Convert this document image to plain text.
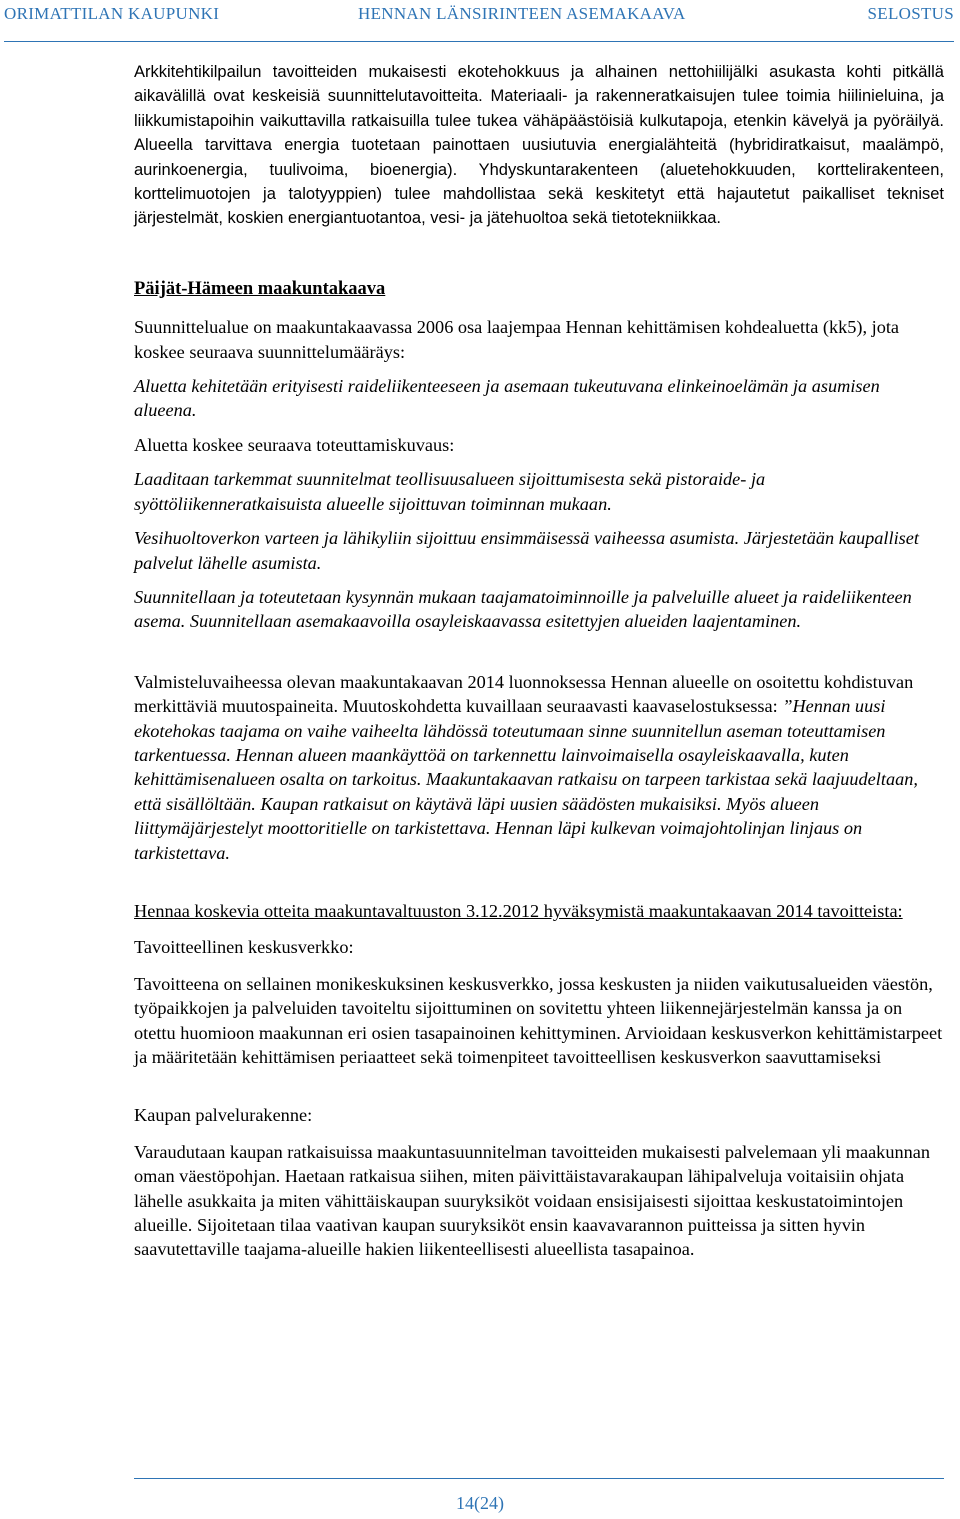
ORIMATTILAN KAUPUNKI	HENNAN LÄNSIRINTEEN ASEMAKAAVA	SELOSTUS

Arkkitehtikilpailun tavoitteiden mukaisesti ekotehokkuus ja alhainen nettohiilijälki asukasta kohti pitkällä aikavälillä ovat keskeisiä suunnittelutavoitteita. Materiaali- ja rakenneratkaisujen tulee toimia hiilinieluina, ja liikkumistapoihin vaikuttavilla ratkaisuilla tulee tukea vähäpäästöisiä kulkutapoja, etenkin kävelyä ja pyöräilyä. Alueella tarvittava energia tuotetaan painottaen uusiutuvia energialähteitä (hybridiratkaisut, maalämpö, aurinkoenergia, tuulivoima, bioenergia). Yhdyskuntarakenteen (aluetehokkuuden, korttelirakenteen, korttelimuotojen ja talotyyppien) tulee mahdollistaa sekä keskitetyt että hajautetut paikalliset tekniset järjestelmät, koskien energiantuotantoa, vesi- ja jätehuoltoa sekä tietotekniikkaa.

Päijät-Hämeen maakuntakaava

Suunnittelualue on maakuntakaavassa 2006 osa laajempaa Hennan kehittämisen kohdealuetta (kk5), jota koskee seuraava suunnittelumääräys:

Aluetta kehitetään erityisesti raideliikenteeseen ja asemaan tukeutuvana elinkeinoelämän ja asumisen alueena.

Aluetta koskee seuraava toteuttamiskuvaus:

Laaditaan tarkemmat suunnitelmat teollisuusalueen sijoittumisesta sekä pistoraide- ja syöttöliikenneratkaisuista alueelle sijoittuvan toiminnan mukaan.

Vesihuoltoverkon varteen ja lähikyliin sijoittuu ensimmäisessä vaiheessa asumista. Järjestetään kaupalliset palvelut lähelle asumista.

Suunnitellaan ja toteutetaan kysynnän mukaan taajamatoiminnoille ja palveluille alueet ja raideliikenteen asema. Suunnitellaan asemakaavoilla osayleiskaavassa esitettyjen alueiden laajentaminen.

Valmisteluvaiheessa olevan maakuntakaavan 2014 luonnoksessa Hennan alueelle on osoitettu kohdistuvan merkittäviä muutospaineita. Muutoskohdetta kuvaillaan seuraavasti kaavaselostuksessa: ”Hennan uusi ekotehokas taajama on vaihe vaiheelta lähdössä toteutumaan sinne suunnitellun aseman toteuttamisen tarkentuessa. Hennan alueen maankäyttöä on tarkennettu lainvoimaisella osayleiskaavalla, kuten kehittämisenalueen osalta on tarkoitus. Maakuntakaavan ratkaisu on tarpeen tarkistaa sekä laajuudeltaan, että sisällöltään. Kaupan ratkaisut on käytävä läpi uusien säädösten mukaisiksi. Myös alueen liittymäjärjestelyt moottoritielle on tarkistettava. Hennan läpi kulkevan voimajohtolinjan linjaus on tarkistettava.

Hennaa koskevia otteita maakuntavaltuuston 3.12.2012 hyväksymistä maakuntakaavan 2014 tavoitteista:

Tavoitteellinen keskusverkko:

Tavoitteena on sellainen monikeskuksinen keskusverkko, jossa keskusten ja niiden vaikutusalueiden väestön, työpaikkojen ja palveluiden tavoiteltu sijoittuminen on sovitettu yhteen liikennejärjestelmän kanssa ja on otettu huomioon maakunnan eri osien tasapainoinen kehittyminen. Arvioidaan keskusverkon kehittämistarpeet ja määritetään kehittämisen periaatteet sekä toimenpiteet tavoitteellisen keskusverkon saavuttamiseksi

Kaupan palvelurakenne:

Varaudutaan kaupan ratkaisuissa maakuntasuunnitelman tavoitteiden mukaisesti palvelemaan yli maakunnan oman väestöpohjan. Haetaan ratkaisua siihen, miten päivittäistavarakaupan lähipalveluja voitaisiin ohjata lähelle asukkaita ja miten vähittäiskaupan suuryksiköt voidaan ensisijaisesti sijoittaa keskustatoimintojen alueille. Sijoitetaan tilaa vaativan kaupan suuryksiköt ensin kaavavarannon puitteissa ja sitten hyvin saavutettaville taajama-alueille hakien liikenteellisesti alueellista tasapainoa.

14(24)
